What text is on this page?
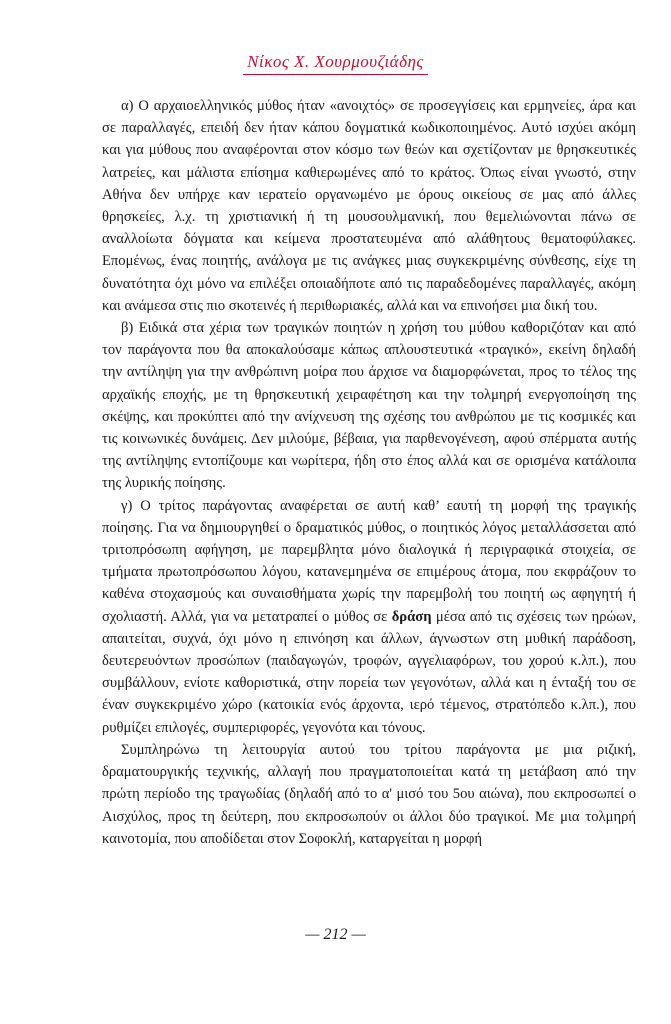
Νίκος Χ. Χουρμουζιάδης

α) Ο αρχαιοελληνικός μύθος ήταν «ανοιχτός» σε προσεγγίσεις και ερμηνείες, άρα και σε παραλλαγές, επειδή δεν ήταν κάπου δογματικά κωδικοποιημένος. Αυτό ισχύει ακόμη και για μύθους που αναφέρονται στον κόσμο των θεών και σχετίζονταν με θρησκευτικές λατρείες, και μάλιστα επίσημα καθιερωμένες από το κράτος. Όπως είναι γνωστό, στην Αθήνα δεν υπήρχε καν ιερατείο οργανωμένο με όρους οικείους σε μας από άλλες θρησκείες, λ.χ. τη χριστιανική ή τη μουσουλμανική, που θεμελιώνονται πάνω σε αναλλοίωτα δόγματα και κείμενα προστατευμένα από αλάθητους θεματοφύλακες. Επομένως, ένας ποιητής, ανάλογα με τις ανάγκες μιας συγκεκριμένης σύνθεσης, είχε τη δυνατότητα όχι μόνο να επιλέξει οποιαδήποτε από τις παραδεδομένες παραλλαγές, ακόμη και ανάμεσα στις πιο σκοτεινές ή περιθωριακές, αλλά και να επινοήσει μια δική του.

β) Ειδικά στα χέρια των τραγικών ποιητών η χρήση του μύθου καθοριζόταν και από τον παράγοντα που θα αποκαλούσαμε κάπως απλουστευτικά «τραγικό», εκείνη δηλαδή την αντίληψη για την ανθρώπινη μοίρα που άρχισε να διαμορφώνεται, προς το τέλος της αρχαϊκής εποχής, με τη θρησκευτική χειραφέτηση και την τολμηρή ενεργοποίηση της σκέψης, και προκύπτει από την ανίχνευση της σχέσης του ανθρώπου με τις κοσμικές και τις κοινωνικές δυνάμεις. Δεν μιλούμε, βέβαια, για παρθενογένεση, αφού σπέρματα αυτής της αντίληψης εντοπίζουμε και νωρίτερα, ήδη στο έπος αλλά και σε ορισμένα κατάλοιπα της λυρικής ποίησης.

γ) Ο τρίτος παράγοντας αναφέρεται σε αυτή καθ’ εαυτή τη μορφή της τραγικής ποίησης. Για να δημιουργηθεί ο δραματικός μύθος, ο ποιητικός λόγος μεταλλάσσεται από τριτοπρόσωπη αφήγηση, με παρεμβλητα μόνο διαλογικά ή περιγραφικά στοιχεία, σε τμήματα πρωτοπρόσωπου λόγου, κατανεμημένα σε επιμέρους άτομα, που εκφράζουν το καθένα στοχασμούς και συναισθήματα χωρίς την παρεμβολή του ποιητή ως αφηγητή ή σχολιαστή. Αλλά, για να μετατραπεί ο μύθος σε δράση μέσα από τις σχέσεις των ηρώων, απαιτείται, συχνά, όχι μόνο η επινόηση και άλλων, άγνωστων στη μυθική παράδοση, δευτερευόντων προσώπων (παιδαγωγών, τροφών, αγγελιαφόρων, του χορού κ.λπ.), που συμβάλλουν, ενίοτε καθοριστικά, στην πορεία των γεγονότων, αλλά και η ένταξή του σε έναν συγκεκριμένο χώρο (κατοικία ενός άρχοντα, ιερό τέμενος, στρατόπεδο κ.λπ.), που ρυθμίζει επιλογές, συμπεριφορές, γεγονότα και τόνους.

Συμπληρώνω τη λειτουργία αυτού του τρίτου παράγοντα με μια ριζική, δραματουργικής τεχνικής, αλλαγή που πραγματοποιείται κατά τη μετάβαση από την πρώτη περίοδο της τραγωδίας (δηλαδή από το α' μισό του 5ου αιώνα), που εκπροσωπεί ο Αισχύλος, προς τη δεύτερη, που εκπροσωπούν οι άλλοι δύο τραγικοί. Με μια τολμηρή καινοτομία, που αποδίδεται στον Σοφοκλή, καταργείται η μορφή

— 212 —
